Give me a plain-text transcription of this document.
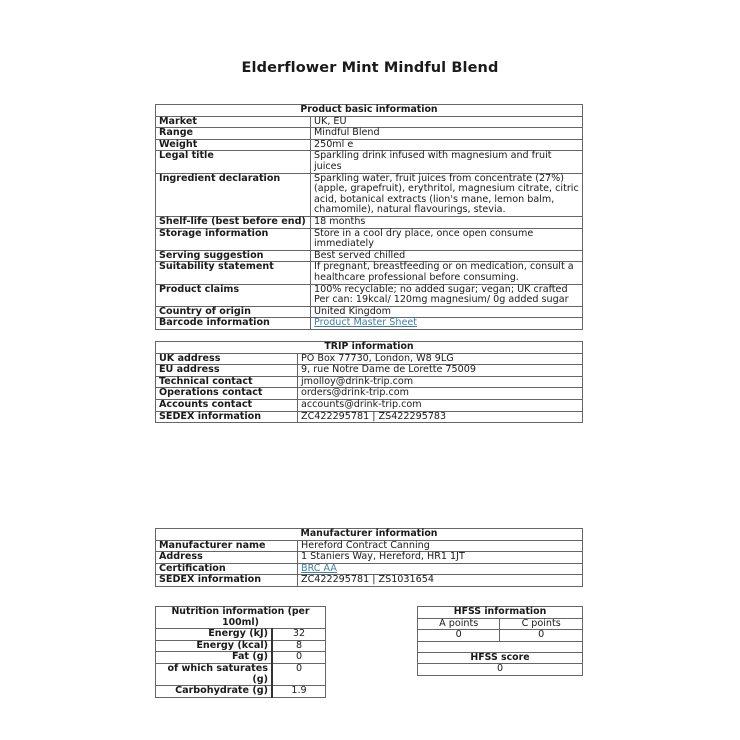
Elderflower Mint Mindful Blend
Product basic information	
Market	UK, EU
Range	Mindful Blend
Weight	250ml e
Legal title	Sparkling drink infused with magnesium and fruit juices
Ingredient declaration	Sparkling water, fruit juices from concentrate (27%) (apple, grapefruit), erythritol, magnesium citrate, citric acid, botanical extracts (lion's mane, lemon balm, chamomile), natural flavourings, stevia.
Shelf-life (best before end)	18 months
Storage information	Store in a cool dry place, once open consume immediately
Serving suggestion	Best served chilled
Suitability statement	If pregnant, breastfeeding or on medication, consult a healthcare professional before consuming.
Product claims	100% recyclable; no added sugar; vegan; UK crafted
Per can: 19kcal/ 120mg magnesium/ 0g added sugar

Country of origin	United Kingdom
Barcode information	Product Master Sheet
TRIP information	
UK address	PO Box 77730, London, W8 9LG
EU address	9, rue Notre Dame de Lorette 75009
Technical contact	jmolloy@drink-trip.com
Operations contact	orders@drink-trip.com
Accounts contact	accounts@drink-trip.com
SEDEX information	ZC422295781 | ZS422295783
Manufacturer information	
Manufacturer name	Hereford Contract Canning
Address	1 Staniers Way, Hereford, HR1 1JT
Certification	BRC AA
SEDEX information	ZC422295781 | ZS1031654
Nutrition information (per 100ml)	
Energy (kJ)	32
Energy (kcal)	8
Fat (g)	0
of which saturates (g)	0
Carbohydrate (g)	1.9
HFSS information	
A points	C points
0	0

HFSS score	
0	
